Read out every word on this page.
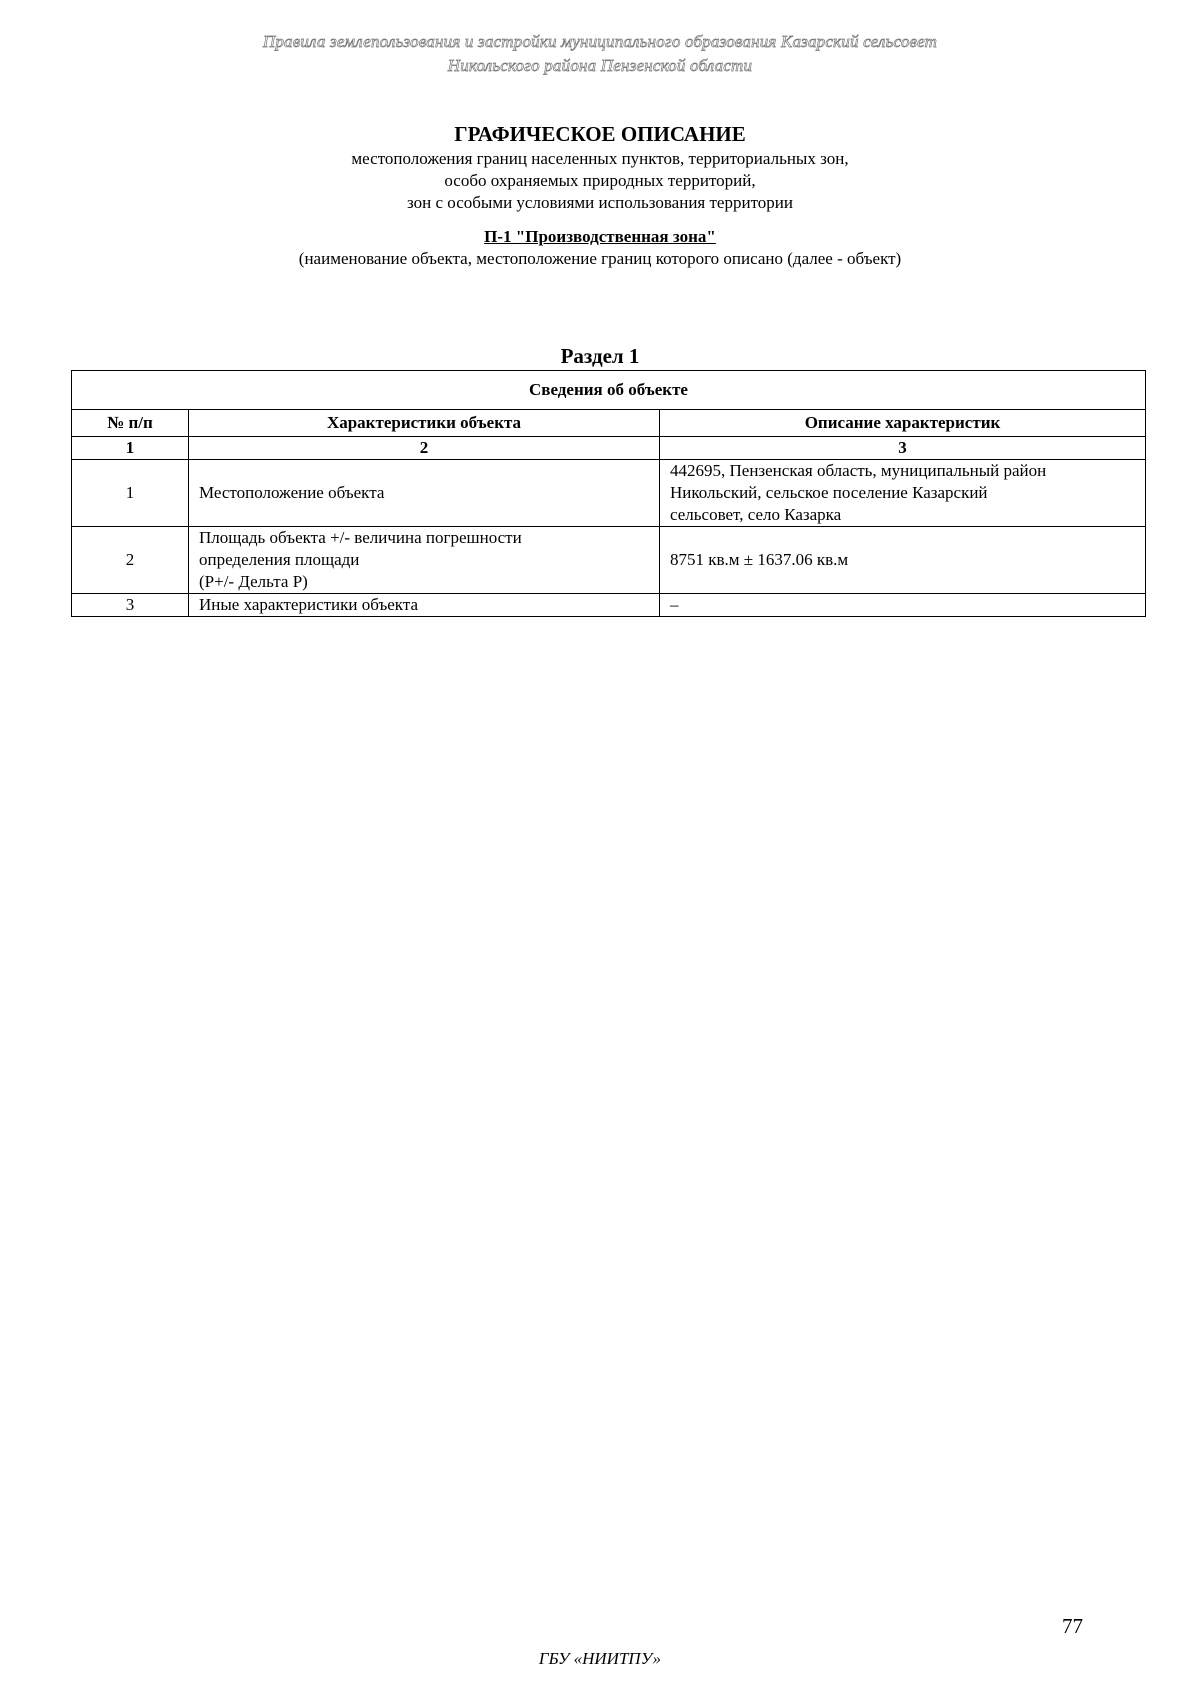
Правила землепользования и застройки муниципального образования Казарский сельсовет
Никольского района Пензенской области
ГРАФИЧЕСКОЕ ОПИСАНИЕ
местоположения границ населенных пунктов, территориальных зон,
особо охраняемых природных территорий,
зон с особыми условиями использования территории
П-1 "Производственная зона"
(наименование объекта, местоположение границ которого описано (далее - объект)
Раздел 1
Сведения об объекте		
№ п/п	Характеристики объекта	Описание характеристик
1	2	3
1	Местоположение объекта	442695, Пензенская область, муниципальный район
Никольский, сельское поселение Казарский
сельсовет, село Казарка

2	Площадь объекта +/- величина погрешности
определения площади
(Р+/- Дельта Р)	8751 кв.м ± 1637.06 кв.м

3	Иные характеристики объекта	–
77
ГБУ «НИИТПУ»
